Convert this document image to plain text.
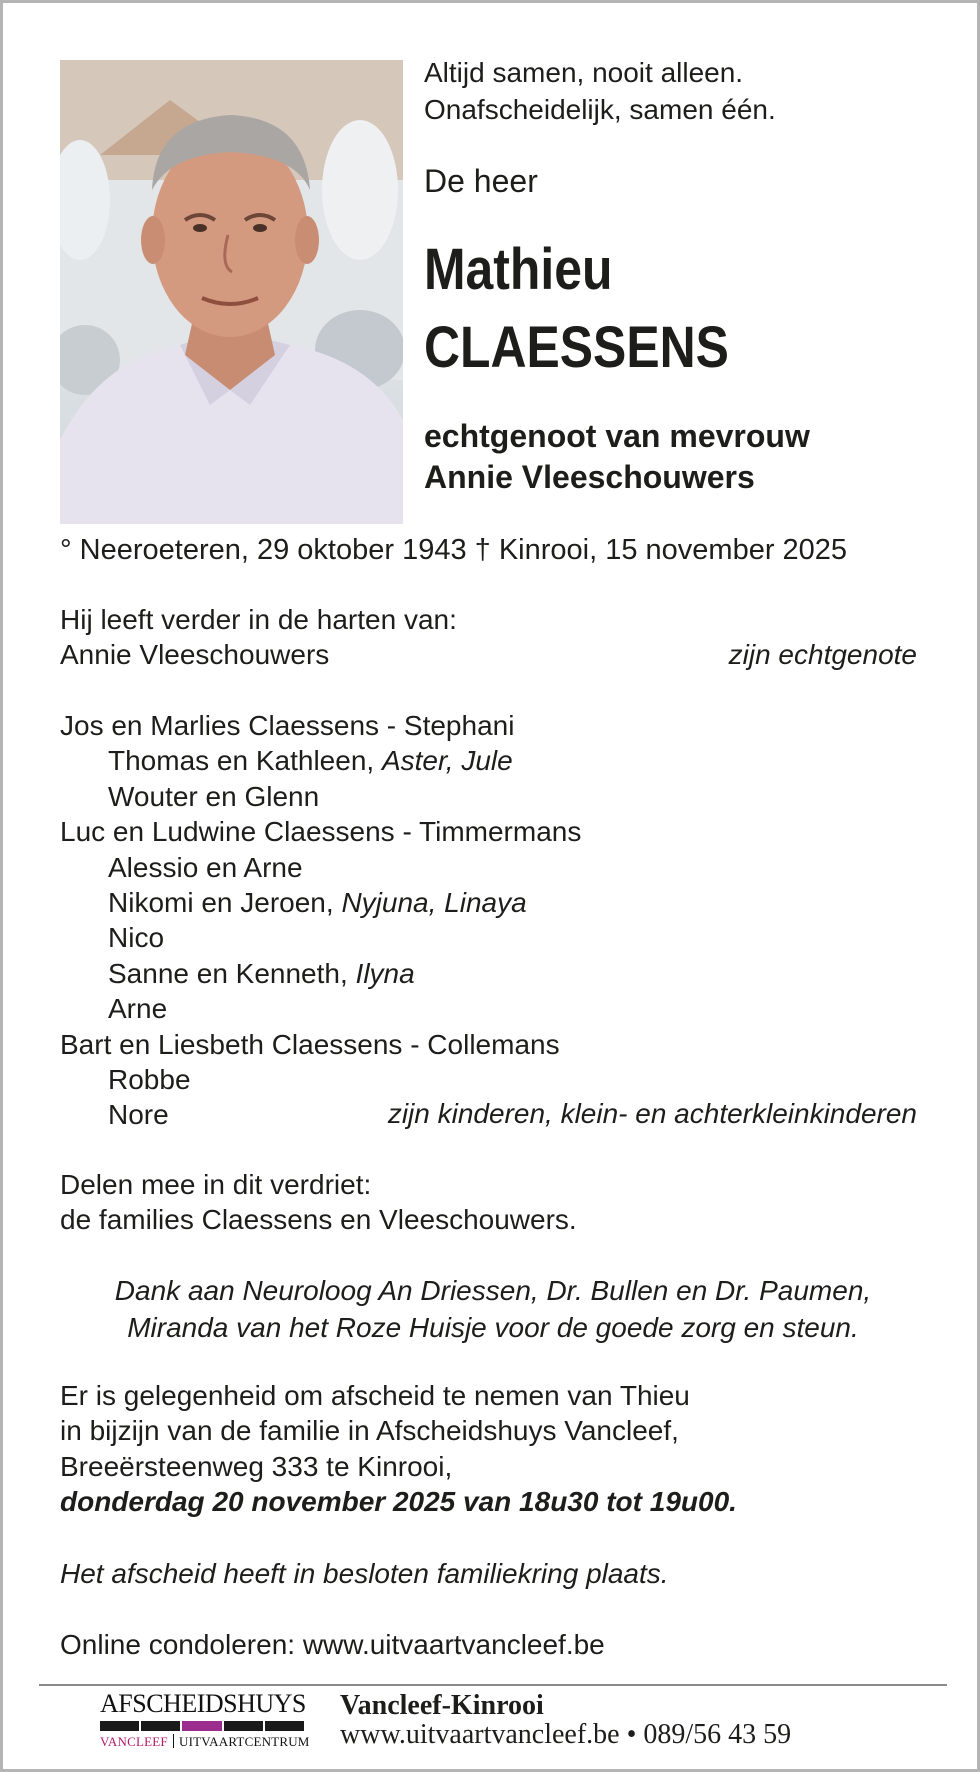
Altijd samen, nooit alleen.
Onafscheidelijk, samen één.
De heer
Mathieu
CLAESSENS
echtgenoot van mevrouw
Annie Vleeschouwers
° Neeroeteren, 29 oktober 1943 † Kinrooi, 15 november 2025
Hij leeft verder in de harten van:
Annie Vleeschouwers	zijn echtgenote
Jos en Marlies Claessens - Stephani
Thomas en Kathleen, Aster, Jule
Wouter en Glenn
Luc en Ludwine Claessens - Timmermans
Alessio en Arne
Nikomi en Jeroen, Nyjuna, Linaya
Nico
Sanne en Kenneth, Ilyna
Arne
Bart en Liesbeth Claessens - Collemans
Robbe
Nore	zijn kinderen, klein- en achterkleinkinderen
Delen mee in dit verdriet:
de families Claessens en Vleeschouwers.
Dank aan Neuroloog An Driessen, Dr. Bullen en Dr. Paumen,
Miranda van het Roze Huisje voor de goede zorg en steun.
Er is gelegenheid om afscheid te nemen van Thieu
in bijzijn van de familie in Afscheidshuys Vancleef,
Breeërsteenweg 333 te Kinrooi,
donderdag 20 november 2025 van 18u30 tot 19u00.
Het afscheid heeft in besloten familiekring plaats.
Online condoleren: www.uitvaartvancleef.be
AFSCHEIDSHUYS
VANCLEEF UITVAARTCENTRUM
Vancleef-Kinrooi
www.uitvaartvancleef.be • 089/56 43 59
